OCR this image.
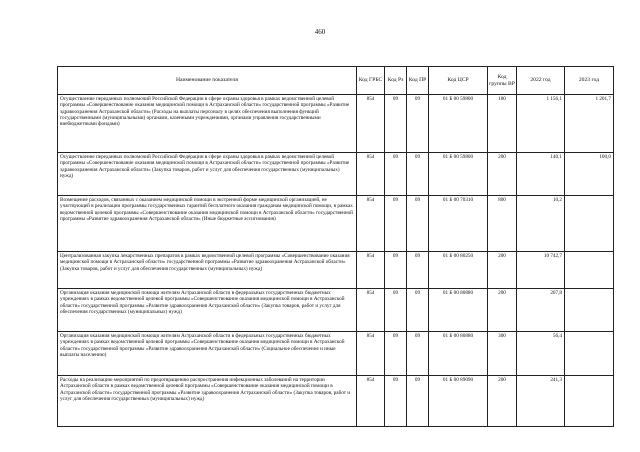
460
Наименование показателя	Код ГРБС	Код Рз	Код ПР	Код ЦСР	Код группы ВР	2022 год	2023 год
Осуществление переданных полномочий Российской Федерации в сфере охраны здоровья в рамках ведомственной целевой программы «Совершенствование оказания медицинской помощи в Астраханской области» государственной программы «Развитие здравоохранения Астраханской области» (Расходы на выплаты персоналу в целях обеспечения выполнения функций государственными (муниципальными) органами, казенными учреждениями, органами управления государственными внебюджетными фондами)	854	09	09	01 Б 00 59800	100	1 156,1	1 201,7
Осуществление переданных полномочий Российской Федерации в сфере охраны здоровья в рамках ведомственной целевой программы «Совершенствование оказания медицинской помощи в Астраханской области» государственной программы «Развитие здравоохранения Астраханской области» (Закупка товаров, работ и услуг для обеспечения государственных (муниципальных) нужд)	854	09	09	01 Б 00 59800	200	140,1	100,0
Возмещение расходов, связанных с оказанием медицинской помощи в экстренной форме медицинской организацией, не участвующей в реализации программы государственных гарантий бесплатного оказания гражданам медицинской помощи, в рамках ведомственной целевой программы «Совершенствование оказания медицинской помощи в Астраханской области» государственной программы «Развитие здравоохранения Астраханской области» (Иные бюджетные ассигнования)	854	09	09	01 Б 00 70310	800	10,2	
Централизованная закупка лекарственных препаратов в рамках ведомственной целевой программы «Совершенствование оказания медицинской помощи в Астраханской области» государственной программы «Развитие здравоохранения Астраханской области» (Закупка товаров, работ и услуг для обеспечения государственных (муниципальных) нужд)	854	09	09	01 Б 00 80250	200	10 742,7	
Организация оказания медицинской помощи жителям Астраханской области в федеральных государственных бюджетных учреждениях в рамках ведомственной целевой программы «Совершенствование оказания медицинской помощи в Астраханской области» государственной программы «Развитие здравоохранения Астраханской области» (Закупка товаров, работ и услуг для обеспечения государственных (муниципальных) нужд)	854	09	09	01 Б 00 80880	200	207,8	
Организация оказания медицинской помощи жителям Астраханской области в федеральных государственных бюджетных учреждениях в рамках ведомственной целевой программы «Совершенствование оказания медицинской помощи в Астраханской области» государственной программы «Развитие здравоохранения Астраханской области» (Социальное обеспечение и иные выплаты населению)	854	09	09	01 Б 00 80880	300	56,4	
Расходы на реализацию мероприятий по предотвращению распространения инфекционных заболеваний на территории Астраханской области в рамках ведомственной целевой программы «Совершенствование оказания медицинской помощи в Астраханской области» государственной программы «Развитие здравоохранения Астраханской области» (Закупка товаров, работ и услуг для обеспечения государственных (муниципальных) нужд)	854	09	09	01 Б 00 89090	200	241,3	
